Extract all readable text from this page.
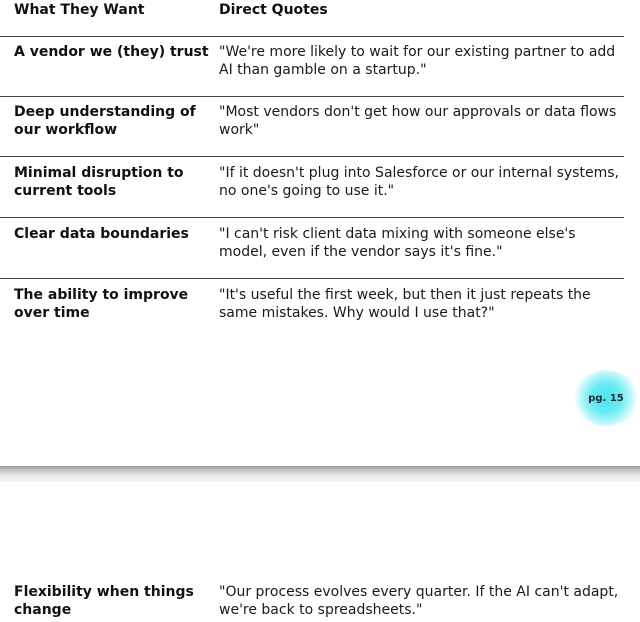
What They Want	Direct Quotes
A vendor we (they) trust "We're more likely to wait for our existing partner to add AI than gamble on a startup."
Deep understanding of our workflow
"Most vendors don't get how our approvals or data flows work"
Minimal disruption to current tools
"If it doesn't plug into Salesforce or our internal systems, no one's going to use it."
Clear data boundaries	"I can't risk client data mixing with someone else's model, even if the vendor says it's fine."
The ability to improve over time
"It's useful the first week, but then it just repeats the same mistakes. Why would I use that?"
pg. 15
Flexibility when things change
"Our process evolves every quarter. If the AI can't adapt, we're back to spreadsheets."
